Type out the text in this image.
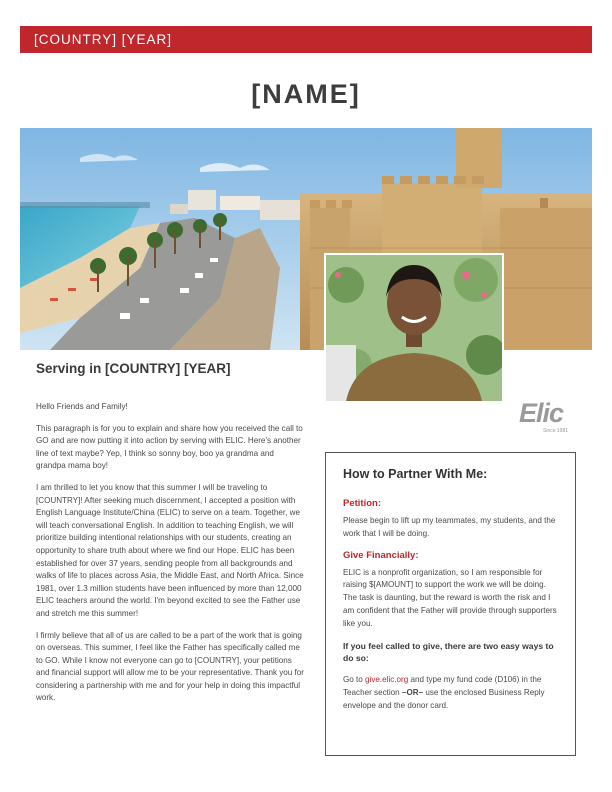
[COUNTRY] [YEAR]
[NAME]
Elic
Since 1981
Serving in [COUNTRY] [YEAR]

Hello Friends and Family!

This paragraph is for you to explain and share how you received the call to GO and are now putting it into action by serving with ELIC. Here's another line of text maybe? Yep, I think so sonny boy, boo ya grandma and grandpa mama boy!

I am thrilled to let you know that this summer I will be traveling to [COUNTRY]! After seeking much discernment, I accepted a position with English Language Institute/China (ELIC) to serve on a team. Together, we will teach conversational English. In addition to teaching English, we will prioritize building intentional relationships with our students, creating an opportunity to share truth about where we find our Hope. ELIC has been established for over 37 years, sending people from all backgrounds and walks of life to places across Asia, the Middle East, and North Africa. Since 1981, over 1.3 million students have been influenced by more than 12,000 ELIC teachers around the world. I'm beyond excited to see the Father use and stretch me this summer!

I firmly believe that all of us are called to be a part of the work that is going on overseas. This summer, I feel like the Father has specifically called me to GO. While I know not everyone can go to [COUNTRY], your petitions and financial support will allow me to be your representative. Thank you for considering a partnership with me and for your help in doing this impactful work.

How to Partner With Me:
Petition:
Please begin to lift up my teammates, my students, and the work that I will be doing.
Give Financially:
ELIC is a nonprofit organization, so I am responsible for raising $[AMOUNT] to support the work we will be doing. The task is daunting, but the reward is worth the risk and I am confident that the Father will provide through supporters like you.
If you feel called to give, there are two easy ways to do so:
Go to give.elic.org and type my fund code (D106) in the Teacher section –OR– use the enclosed Business Reply envelope and the donor card.
